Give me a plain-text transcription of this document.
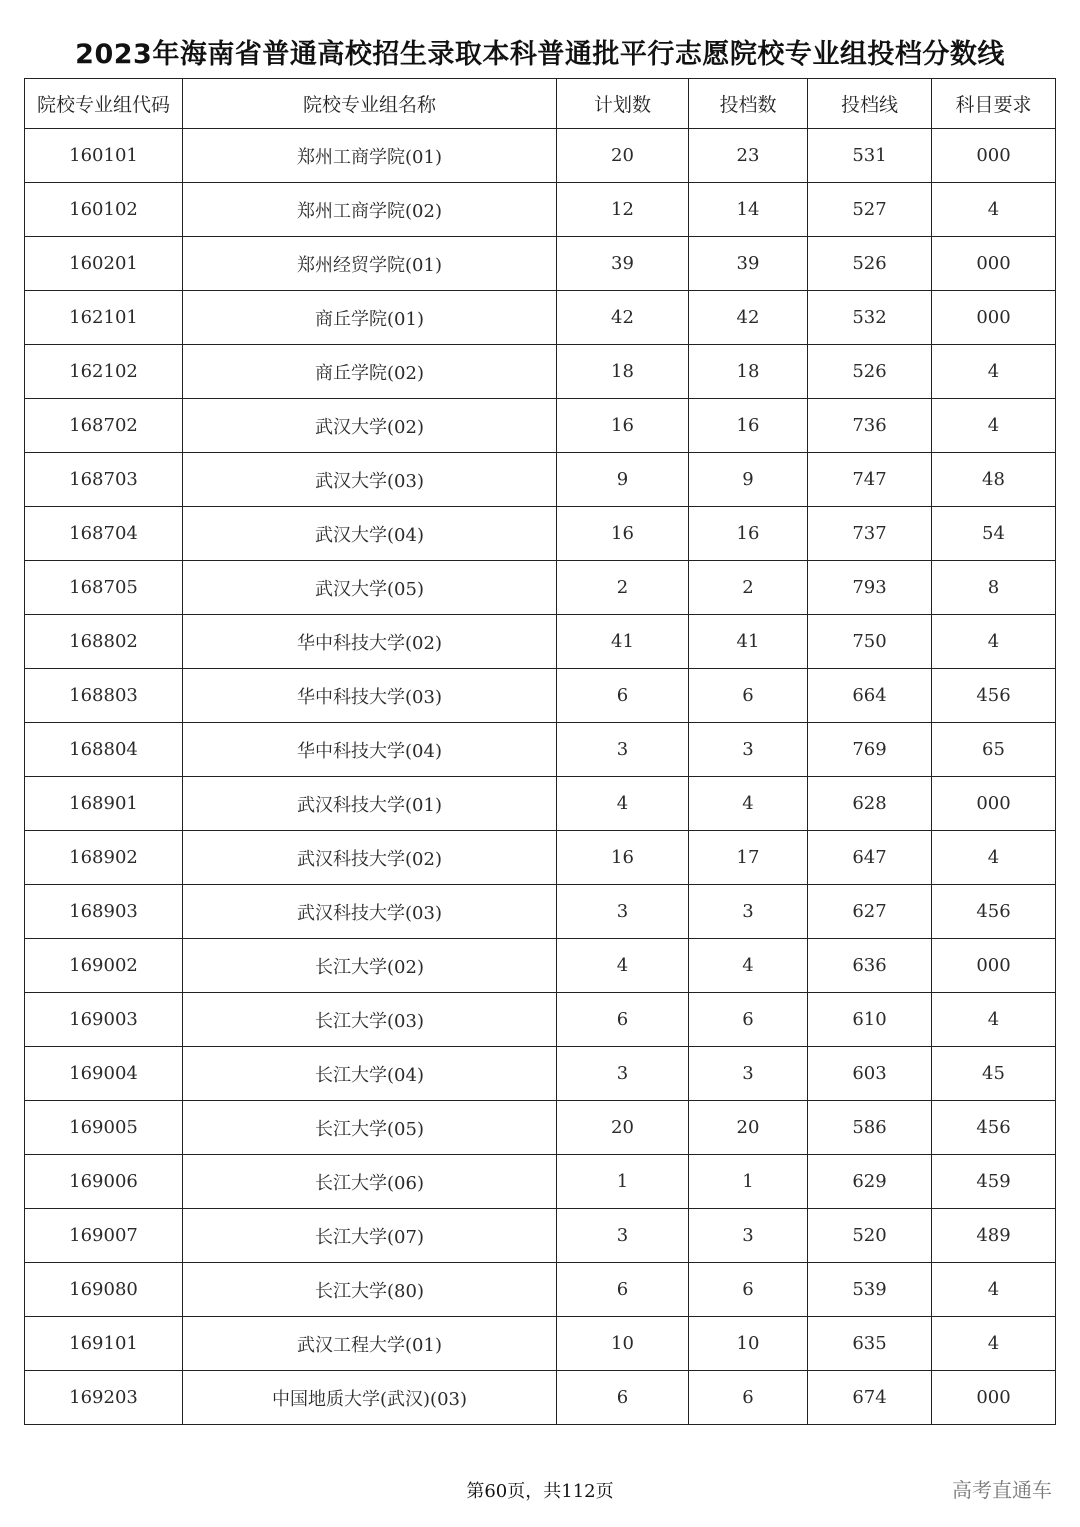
2023年海南省普通高校招生录取本科普通批平行志愿院校专业组投档分数线
院校专业组代码	院校专业组名称	计划数	投档数	投档线	科目要求
160101	郑州工商学院(01)	20	23	531	000
160102	郑州工商学院(02)	12	14	527	4
160201	郑州经贸学院(01)	39	39	526	000
162101	商丘学院(01)	42	42	532	000
162102	商丘学院(02)	18	18	526	4
168702	武汉大学(02)	16	16	736	4
168703	武汉大学(03)	9	9	747	48
168704	武汉大学(04)	16	16	737	54
168705	武汉大学(05)	2	2	793	8
168802	华中科技大学(02)	41	41	750	4
168803	华中科技大学(03)	6	6	664	456
168804	华中科技大学(04)	3	3	769	65
168901	武汉科技大学(01)	4	4	628	000
168902	武汉科技大学(02)	16	17	647	4
168903	武汉科技大学(03)	3	3	627	456
169002	长江大学(02)	4	4	636	000
169003	长江大学(03)	6	6	610	4
169004	长江大学(04)	3	3	603	45
169005	长江大学(05)	20	20	586	456
169006	长江大学(06)	1	1	629	459
169007	长江大学(07)	3	3	520	489
169080	长江大学(80)	6	6	539	4
169101	武汉工程大学(01)	10	10	635	4
169203	中国地质大学(武汉)(03)	6	6	674	000
第60页，共112页	高考直通车
